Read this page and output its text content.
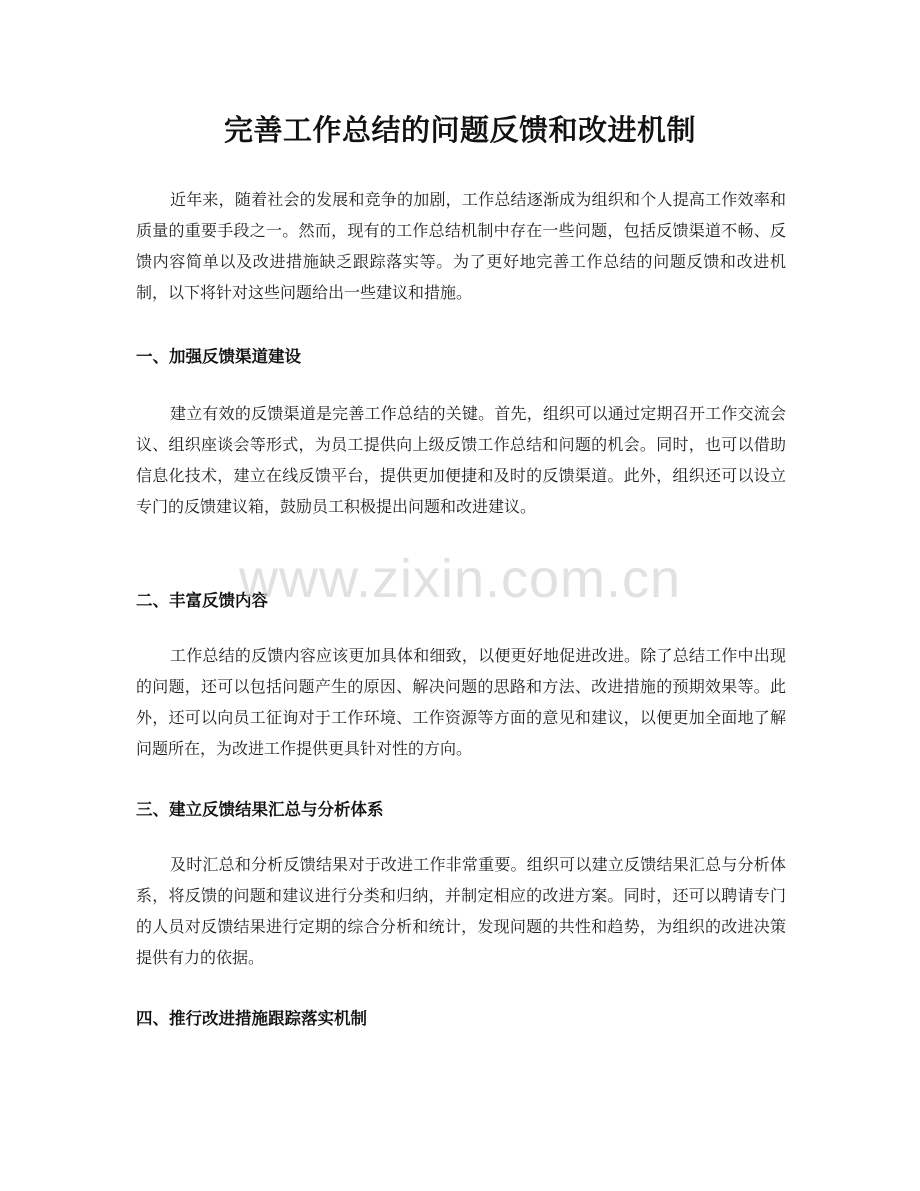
完善工作总结的问题反馈和改进机制

近年来，随着社会的发展和竞争的加剧，工作总结逐渐成为组织和个人提高工作效率和质量的重要手段之一。然而，现有的工作总结机制中存在一些问题，包括反馈渠道不畅、反馈内容简单以及改进措施缺乏跟踪落实等。为了更好地完善工作总结的问题反馈和改进机制，以下将针对这些问题给出一些建议和措施。

一、加强反馈渠道建设

建立有效的反馈渠道是完善工作总结的关键。首先，组织可以通过定期召开工作交流会议、组织座谈会等形式，为员工提供向上级反馈工作总结和问题的机会。同时，也可以借助信息化技术，建立在线反馈平台，提供更加便捷和及时的反馈渠道。此外，组织还可以设立专门的反馈建议箱，鼓励员工积极提出问题和改进建议。

二、丰富反馈内容

工作总结的反馈内容应该更加具体和细致，以便更好地促进改进。除了总结工作中出现的问题，还可以包括问题产生的原因、解决问题的思路和方法、改进措施的预期效果等。此外，还可以向员工征询对于工作环境、工作资源等方面的意见和建议，以便更加全面地了解问题所在，为改进工作提供更具针对性的方向。

三、建立反馈结果汇总与分析体系

及时汇总和分析反馈结果对于改进工作非常重要。组织可以建立反馈结果汇总与分析体系，将反馈的问题和建议进行分类和归纳，并制定相应的改进方案。同时，还可以聘请专门的人员对反馈结果进行定期的综合分析和统计，发现问题的共性和趋势，为组织的改进决策提供有力的依据。

四、推行改进措施跟踪落实机制
www.zixin.com.cn
